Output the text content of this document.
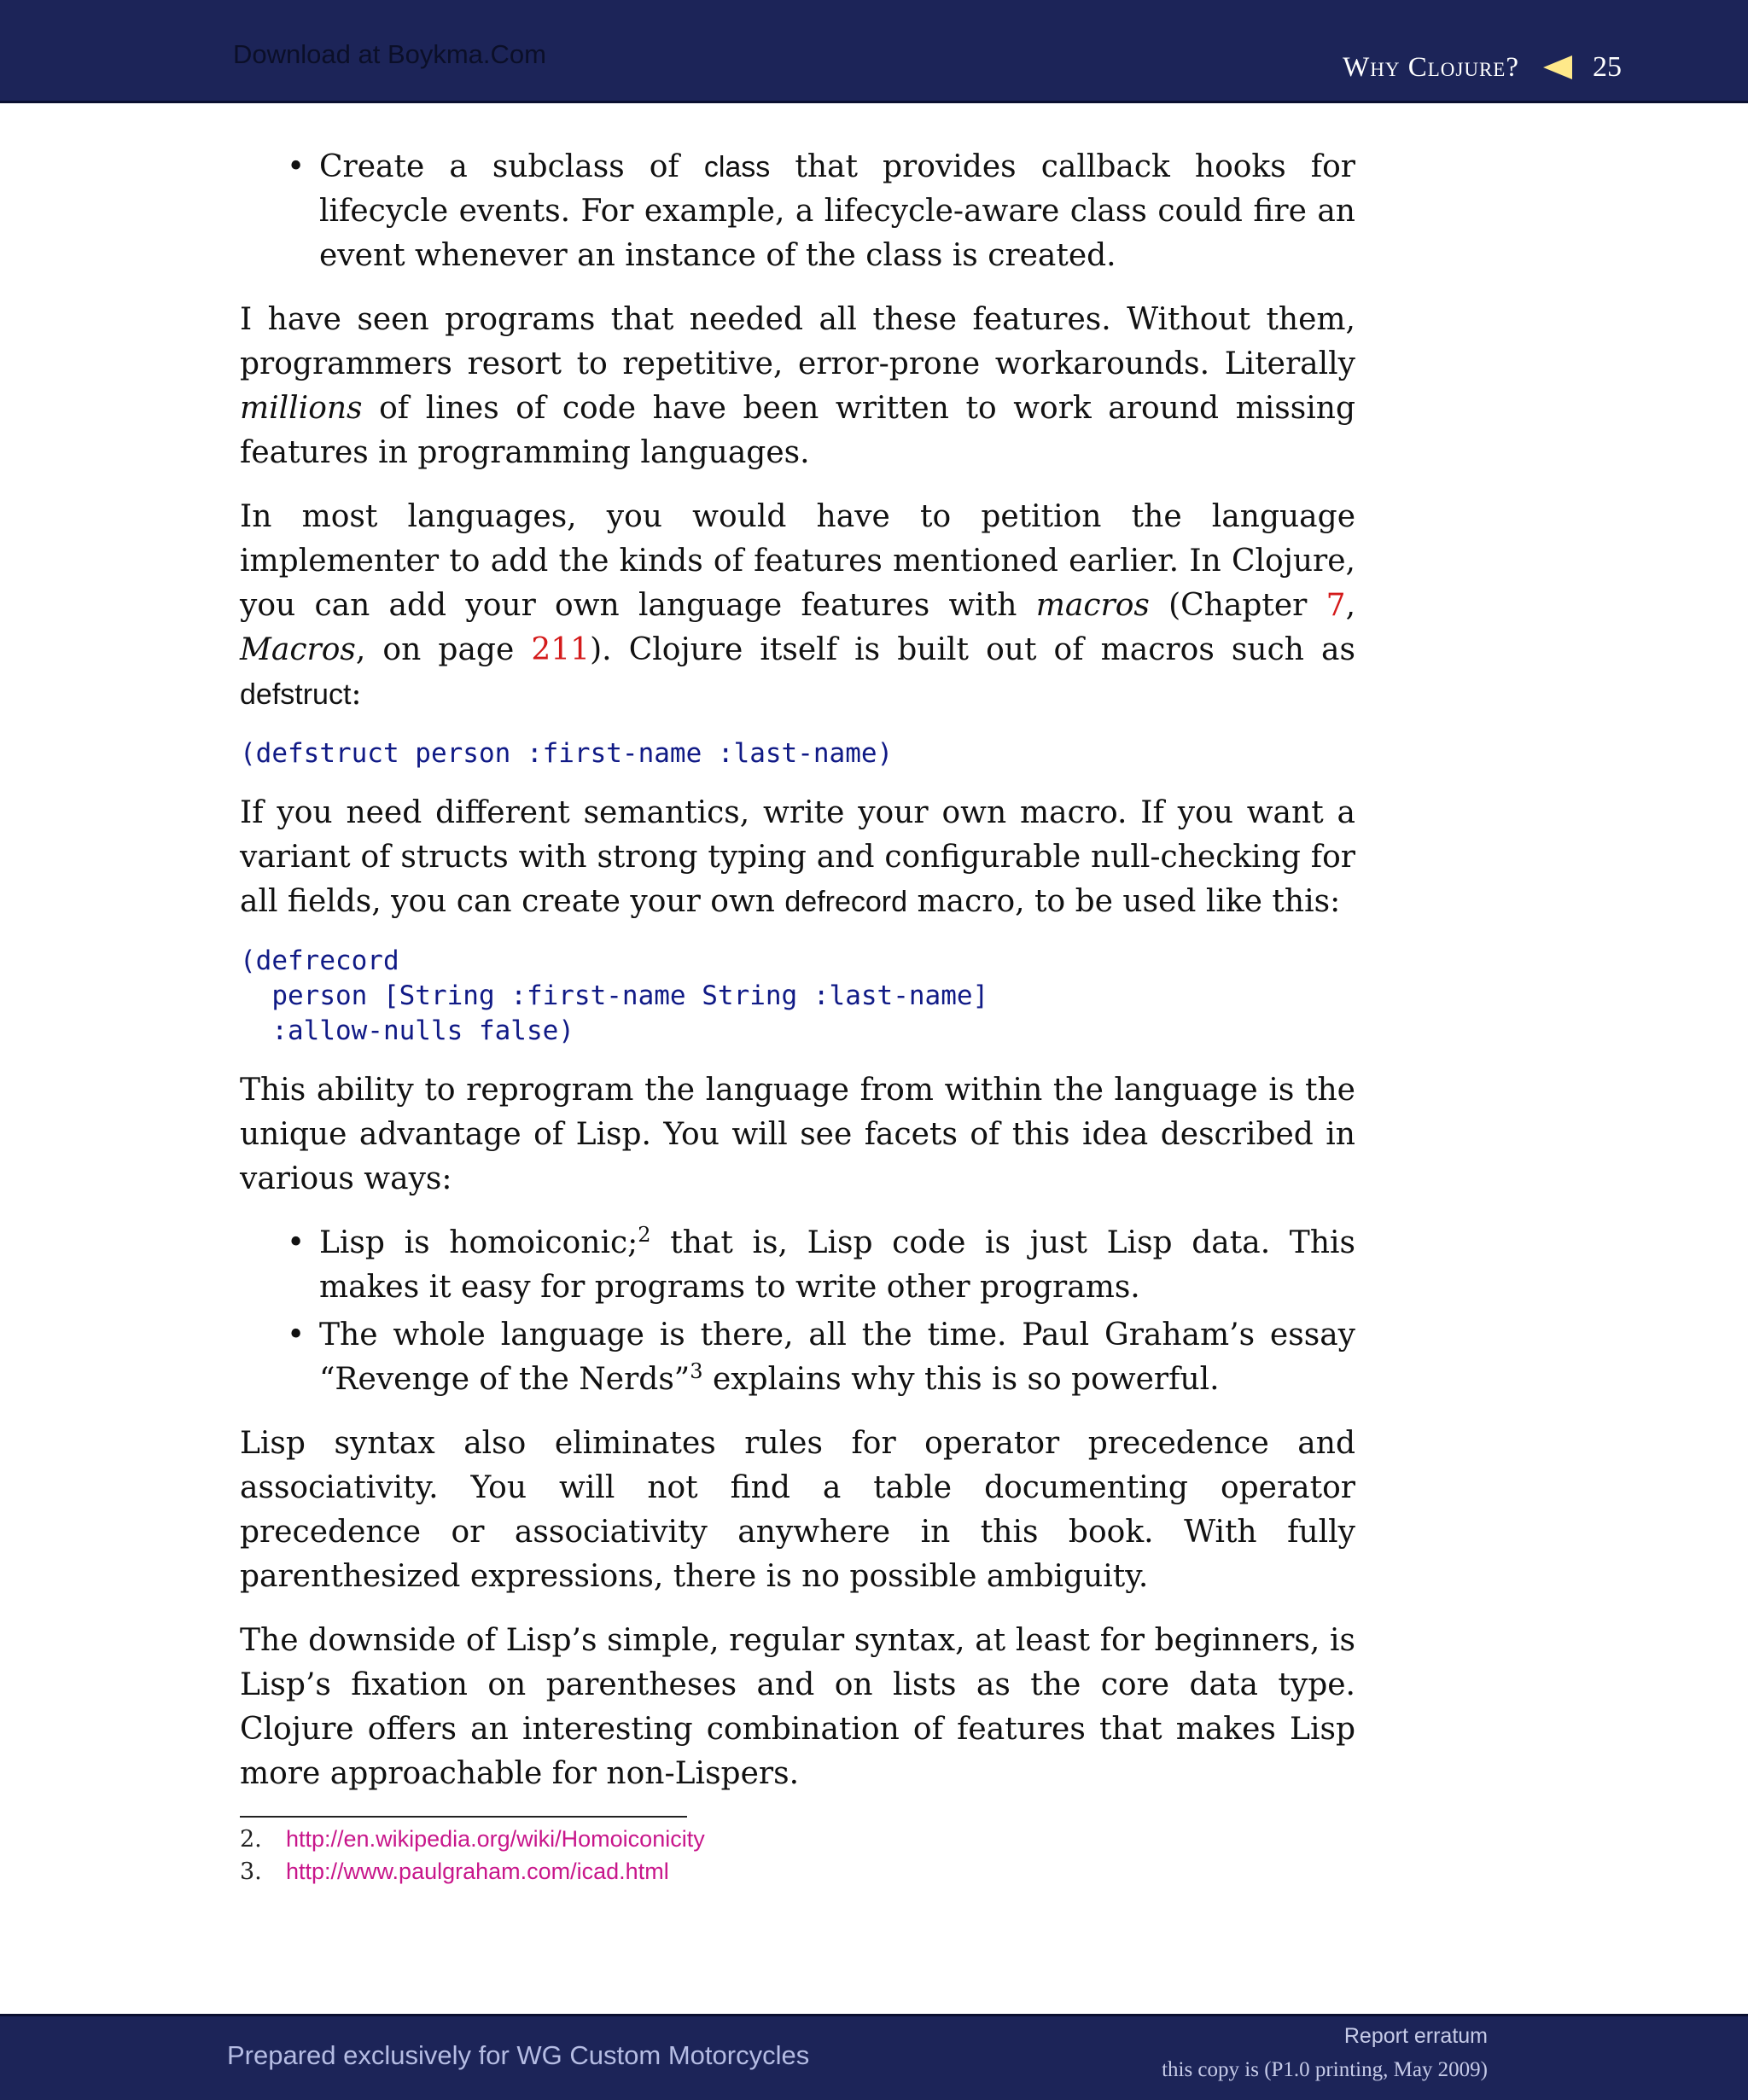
Download at Boykma.Com	Why Clojure?	25
• Create a subclass of class that provides callback hooks for lifecycle events. For example, a lifecycle-aware class could fire an event whenever an instance of the class is created.

I have seen programs that needed all these features. Without them, programmers resort to repetitive, error-prone workarounds. Literally millions of lines of code have been written to work around missing features in programming languages.

In most languages, you would have to petition the language implementer to add the kinds of features mentioned earlier. In Clojure, you can add your own language features with macros (Chapter 7, Macros, on page 211). Clojure itself is built out of macros such as defstruct:

(defstruct person :first-name :last-name)

If you need different semantics, write your own macro. If you want a variant of structs with strong typing and configurable null-checking for all fields, you can create your own defrecord macro, to be used like this:

(defrecord
person [String :first-name String :last-name]
:allow-nulls false)

This ability to reprogram the language from within the language is the unique advantage of Lisp. You will see facets of this idea described in various ways:

• Lisp is homoiconic;$^2$ that is, Lisp code is just Lisp data. This makes it easy for programs to write other programs.
• The whole language is there, all the time. Paul Graham’s essay “Revenge of the Nerds”$^3$ explains why this is so powerful.

Lisp syntax also eliminates rules for operator precedence and associativity. You will not find a table documenting operator precedence or associativity anywhere in this book. With fully parenthesized expressions, there is no possible ambiguity.

The downside of Lisp’s simple, regular syntax, at least for beginners, is Lisp’s fixation on parentheses and on lists as the core data type. Clojure offers an interesting combination of features that makes Lisp more approachable for non-Lispers.

2. http://en.wikipedia.org/wiki/Homoiconicity
3. http://www.paulgraham.com/icad.html
Prepared exclusively for WG Custom Motorcycles
Report erratum
this copy is (P1.0 printing, May 2009)
